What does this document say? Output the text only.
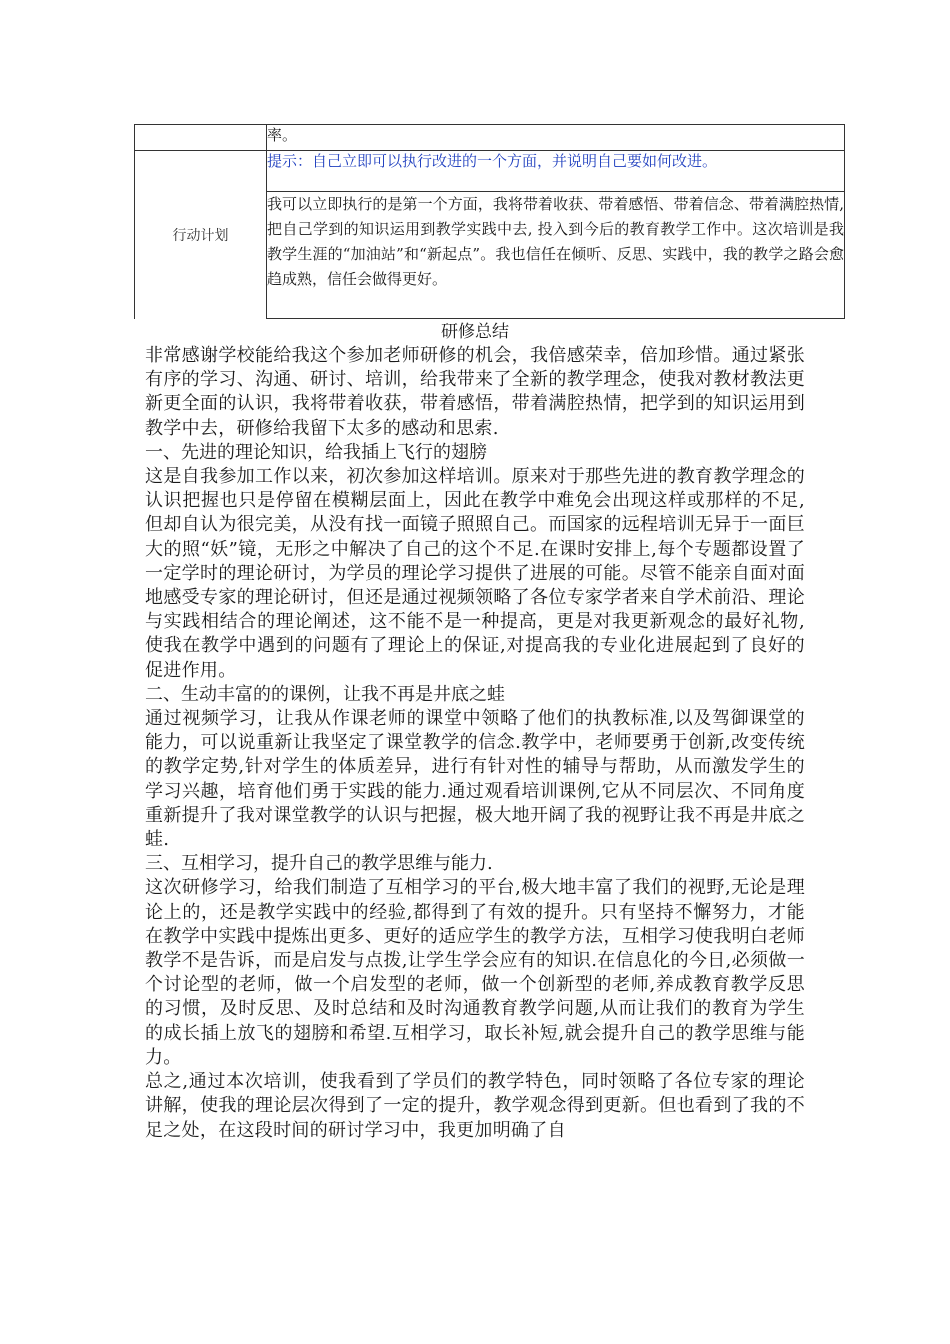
	率。
行动计划	提示：自己立即可以执行改进的一个方面，并说明自己要如何改进。
	我可以立即执行的是第一个方面，我将带着收获、带着感悟、带着信念、带着满腔热情, 把自己学到的知识运用到教学实践中去, 投入到今后的教育教学工作中。这次培训是我教学生涯的“加油站”和“新起点”。我也信任在倾听、反思、实践中，我的教学之路会愈趋成熟，信任会做得更好。
研修总结

非常感谢学校能给我这个参加老师研修的机会，我倍感荣幸，倍加珍惜。通过紧张有序的学习、沟通、研讨、培训，给我带来了全新的教学理念，使我对教材教法更新更全面的认识，我将带着收获，带着感悟，带着满腔热情，把学到的知识运用到教学中去，研修给我留下太多的感动和思索.

一、先进的理论知识，给我插上飞行的翅膀

这是自我参加工作以来，初次参加这样培训。原来对于那些先进的教育教学理念的认识把握也只是停留在模糊层面上，因此在教学中难免会出现这样或那样的不足,但却自认为很完美，从没有找一面镜子照照自己。而国家的远程培训无异于一面巨大的照“妖”镜，无形之中解决了自己的这个不足.在课时安排上,每个专题都设置了一定学时的理论研讨，为学员的理论学习提供了进展的可能。尽管不能亲自面对面地感受专家的理论研讨，但还是通过视频领略了各位专家学者来自学术前沿、理论与实践相结合的理论阐述，这不能不是一种提高，更是对我更新观念的最好礼物,使我在教学中遇到的问题有了理论上的保证,对提高我的专业化进展起到了良好的促进作用。

二、生动丰富的的课例，让我不再是井底之蛙

通过视频学习，让我从作课老师的课堂中领略了他们的执教标准,以及驾御课堂的能力，可以说重新让我坚定了课堂教学的信念.教学中，老师要勇于创新,改变传统的教学定势,针对学生的体质差异，进行有针对性的辅导与帮助，从而激发学生的学习兴趣，培育他们勇于实践的能力.通过观看培训课例,它从不同层次、不同角度重新提升了我对课堂教学的认识与把握，极大地开阔了我的视野让我不再是井底之蛙.

三、互相学习，提升自己的教学思维与能力.

这次研修学习，给我们制造了互相学习的平台,极大地丰富了我们的视野,无论是理论上的，还是教学实践中的经验,都得到了有效的提升。只有坚持不懈努力，才能在教学中实践中提炼出更多、更好的适应学生的教学方法，互相学习使我明白老师教学不是告诉，而是启发与点拨,让学生学会应有的知识.在信息化的今日,必须做一个讨论型的老师，做一个启发型的老师，做一个创新型的老师,养成教育教学反思的习惯，及时反思、及时总结和及时沟通教育教学问题,从而让我们的教育为学生的成长插上放飞的翅膀和希望.互相学习，取长补短,就会提升自己的教学思维与能力。

总之,通过本次培训，使我看到了学员们的教学特色，同时领略了各位专家的理论讲解，使我的理论层次得到了一定的提升，教学观念得到更新。但也看到了我的不足之处，在这段时间的研讨学习中，我更加明确了自
